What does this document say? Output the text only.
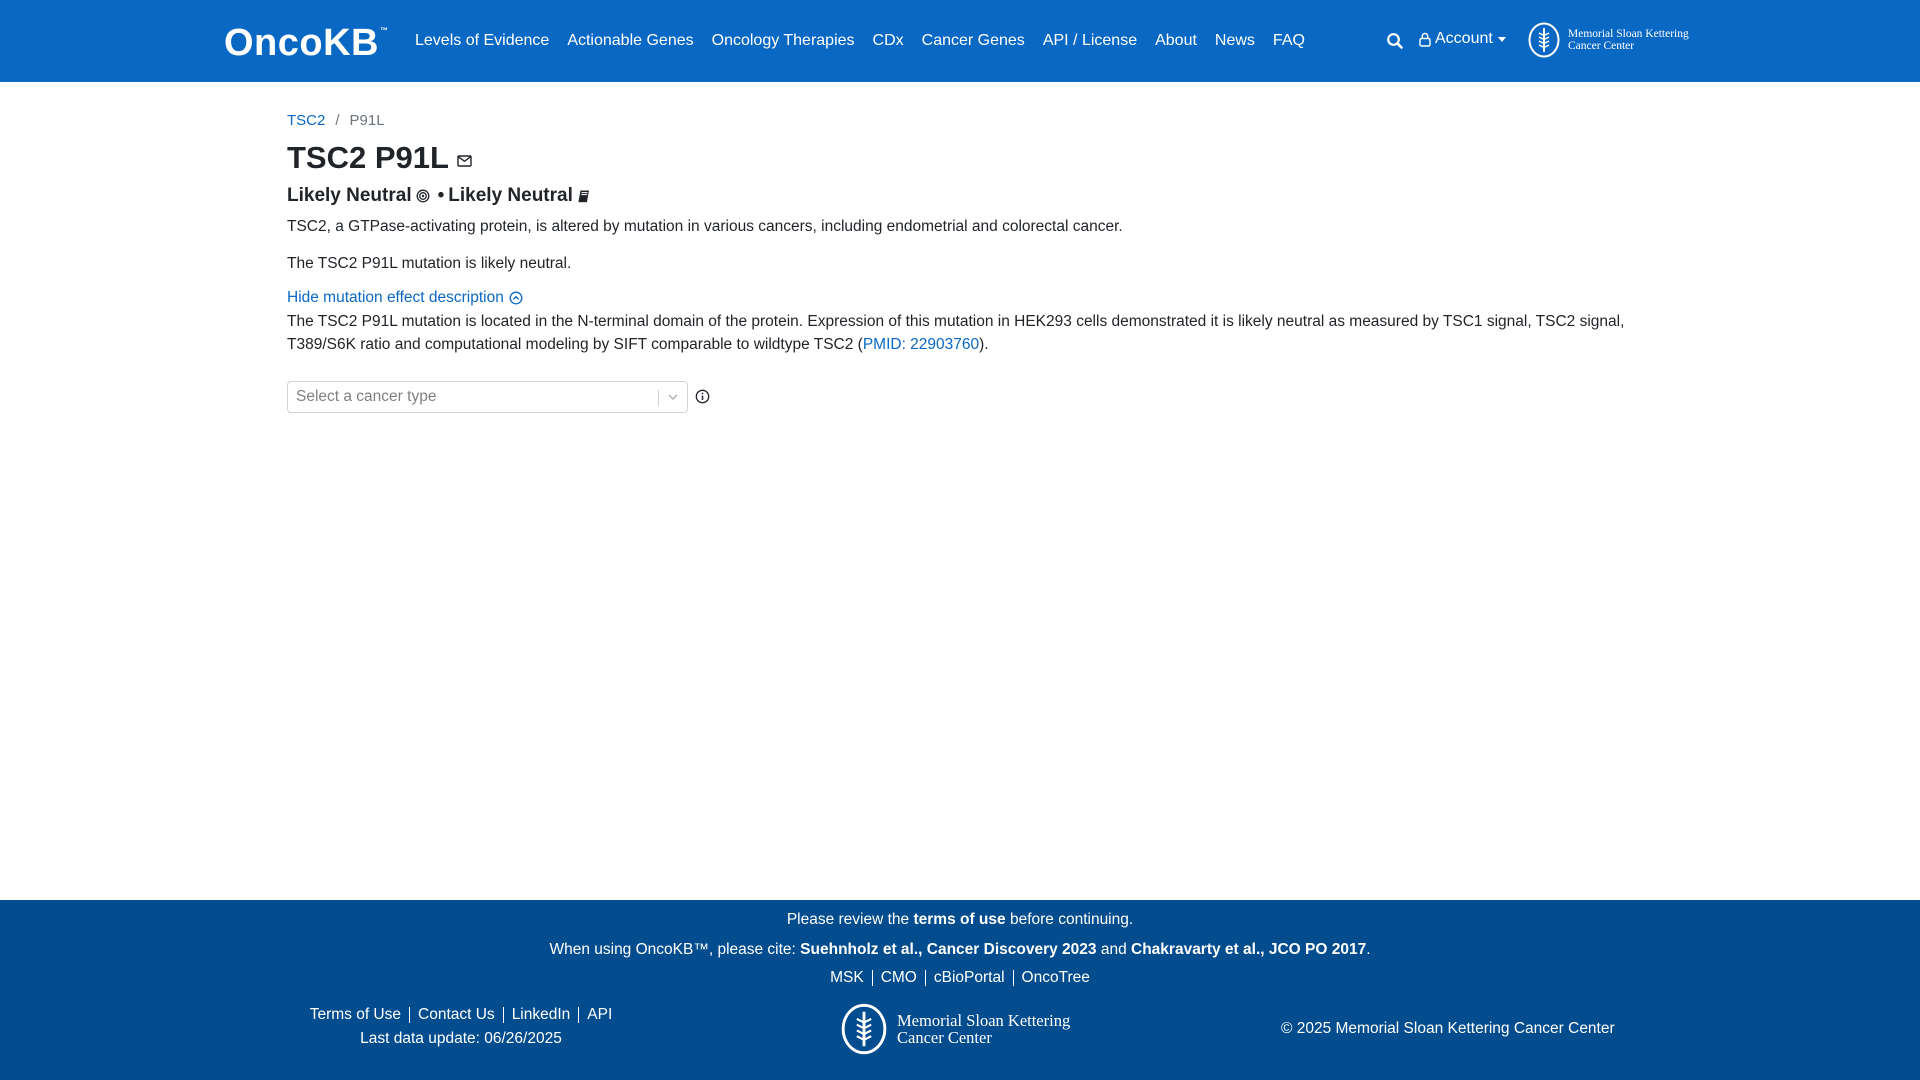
OncoKB ™
Levels of Evidence Actionable Genes Oncology Therapies CDx Cancer Genes API / License About News FAQ	Account	Memorial Sloan Kettering
Cancer Center
TSC2 / P91L
TSC2 P91L
Likely Neutral • Likely Neutral

TSC2, a GTPase-activating protein, is altered by mutation in various cancers, including endometrial and colorectal cancer.

The TSC2 P91L mutation is likely neutral.

Hide mutation effect description

The TSC2 P91L mutation is located in the N-terminal domain of the protein. Expression of this mutation in HEK293 cells demonstrated it is likely neutral as measured by TSC1 signal, TSC2 signal, T389/S6K ratio and computational modeling by SIFT comparable to wildtype TSC2 (PMID: 22903760).

Select a cancer type
Please review the terms of use before continuing.
When using OncoKB™, please cite: Suehnholz et al., Cancer Discovery 2023 and Chakravarty et al., JCO PO 2017.
MSK	CMO	cBioPortal	OncoTree
Terms of Use	Contact Us	LinkedIn	API
Last data update: 06/26/2025
Memorial Sloan Kettering
Cancer Center	© 2025 Memorial Sloan Kettering Cancer Center
